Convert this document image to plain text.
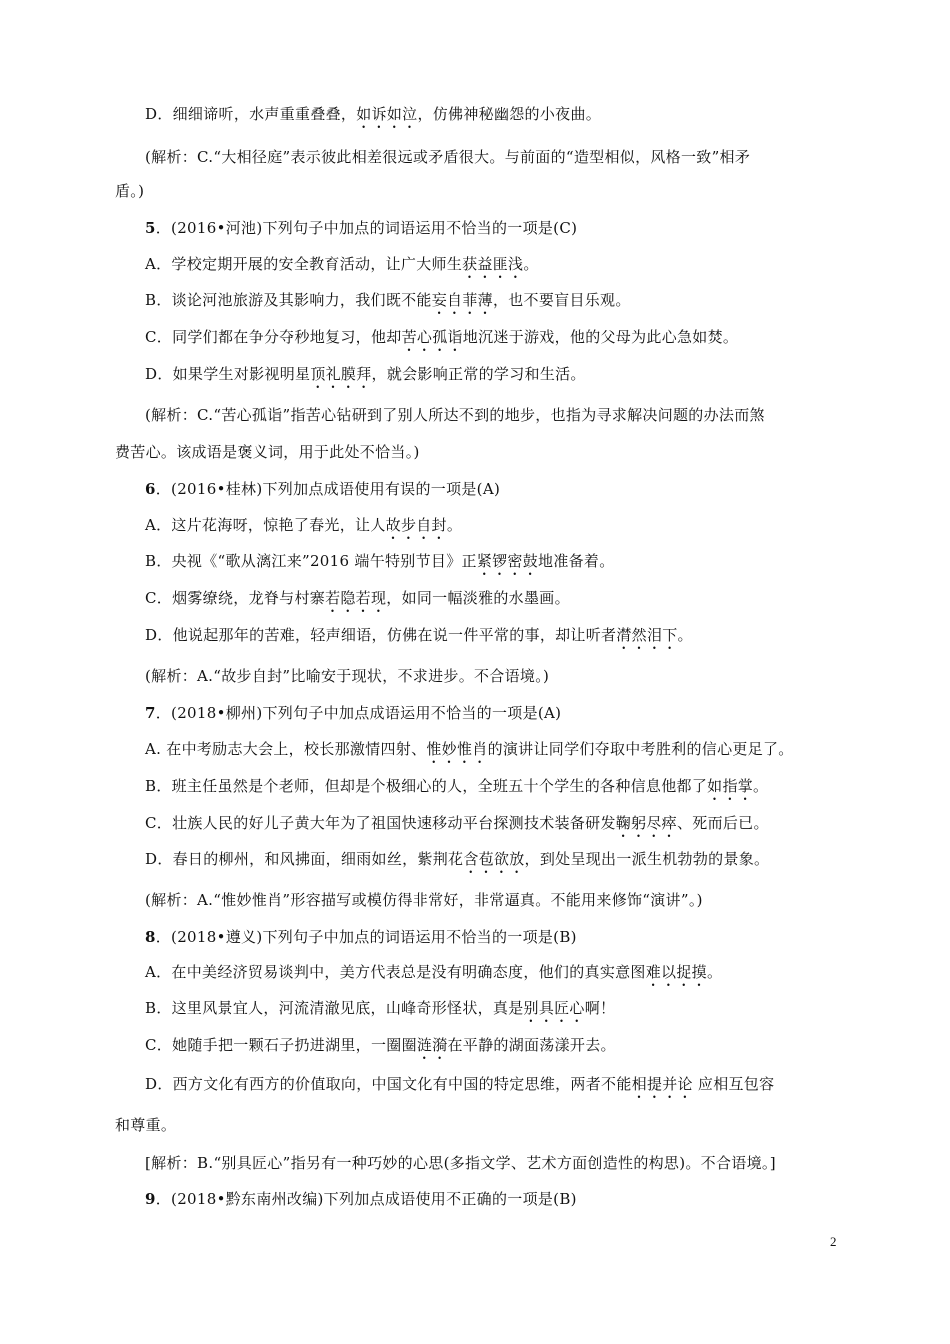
D．细细谛听，水声重重叠叠，如诉如泣，仿佛神秘幽怨的小夜曲。
(解析：C.“大相径庭”表示彼此相差很远或矛盾很大。与前面的“造型相似，风格一致”相矛
盾。)
5．(2016•河池)下列句子中加点的词语运用不恰当的一项是(C)
A．学校定期开展的安全教育活动，让广大师生获益匪浅。
B．谈论河池旅游及其影响力，我们既不能妄自菲薄，也不要盲目乐观。
C．同学们都在争分夺秒地复习，他却苦心孤诣地沉迷于游戏，他的父母为此心急如焚。
D．如果学生对影视明星顶礼膜拜，就会影响正常的学习和生活。
(解析：C.“苦心孤诣”指苦心钻研到了别人所达不到的地步，也指为寻求解决问题的办法而煞
费苦心。该成语是褒义词，用于此处不恰当。)
6．(2016•桂林)下列加点成语使用有误的一项是(A)
A．这片花海呀，惊艳了春光，让人故步自封。
B．央视《“歌从漓江来”2016 端午特别节目》正紧锣密鼓地准备着。
C．烟雾缭绕，龙脊与村寨若隐若现，如同一幅淡雅的水墨画。
D．他说起那年的苦难，轻声细语，仿佛在说一件平常的事，却让听者潸然泪下。
(解析：A.“故步自封”比喻安于现状，不求进步。不合语境。)
7．(2018•柳州)下列句子中加点成语运用不恰当的一项是(A)
A. 在中考励志大会上，校长那激情四射、惟妙惟肖的演讲让同学们夺取中考胜利的信心更足了。
B．班主任虽然是个老师，但却是个极细心的人，全班五十个学生的各种信息他都了如指掌。
C．壮族人民的好儿子黄大年为了祖国快速移动平台探测技术装备研发鞠躬尽瘁、死而后已。
D．春日的柳州，和风拂面，细雨如丝，紫荆花含苞欲放，到处呈现出一派生机勃勃的景象。
(解析：A.“惟妙惟肖”形容描写或模仿得非常好，非常逼真。不能用来修饰“演讲”。)
8．(2018•遵义)下列句子中加点的词语运用不恰当的一项是(B)
A．在中美经济贸易谈判中，美方代表总是没有明确态度，他们的真实意图难以捉摸。
B．这里风景宜人，河流清澈见底，山峰奇形怪状，真是别具匠心啊！
C．她随手把一颗石子扔进湖里，一圈圈涟漪在平静的湖面荡漾开去。
D．西方文化有西方的价值取向，中国文化有中国的特定思维，两者不能相提并论 应相互包容
和尊重。
[解析：B.“别具匠心”指另有一种巧妙的心思(多指文学、艺术方面创造性的构思)。不合语境。]
9．(2018•黔东南州改编)下列加点成语使用不正确的一项是(B)
2
